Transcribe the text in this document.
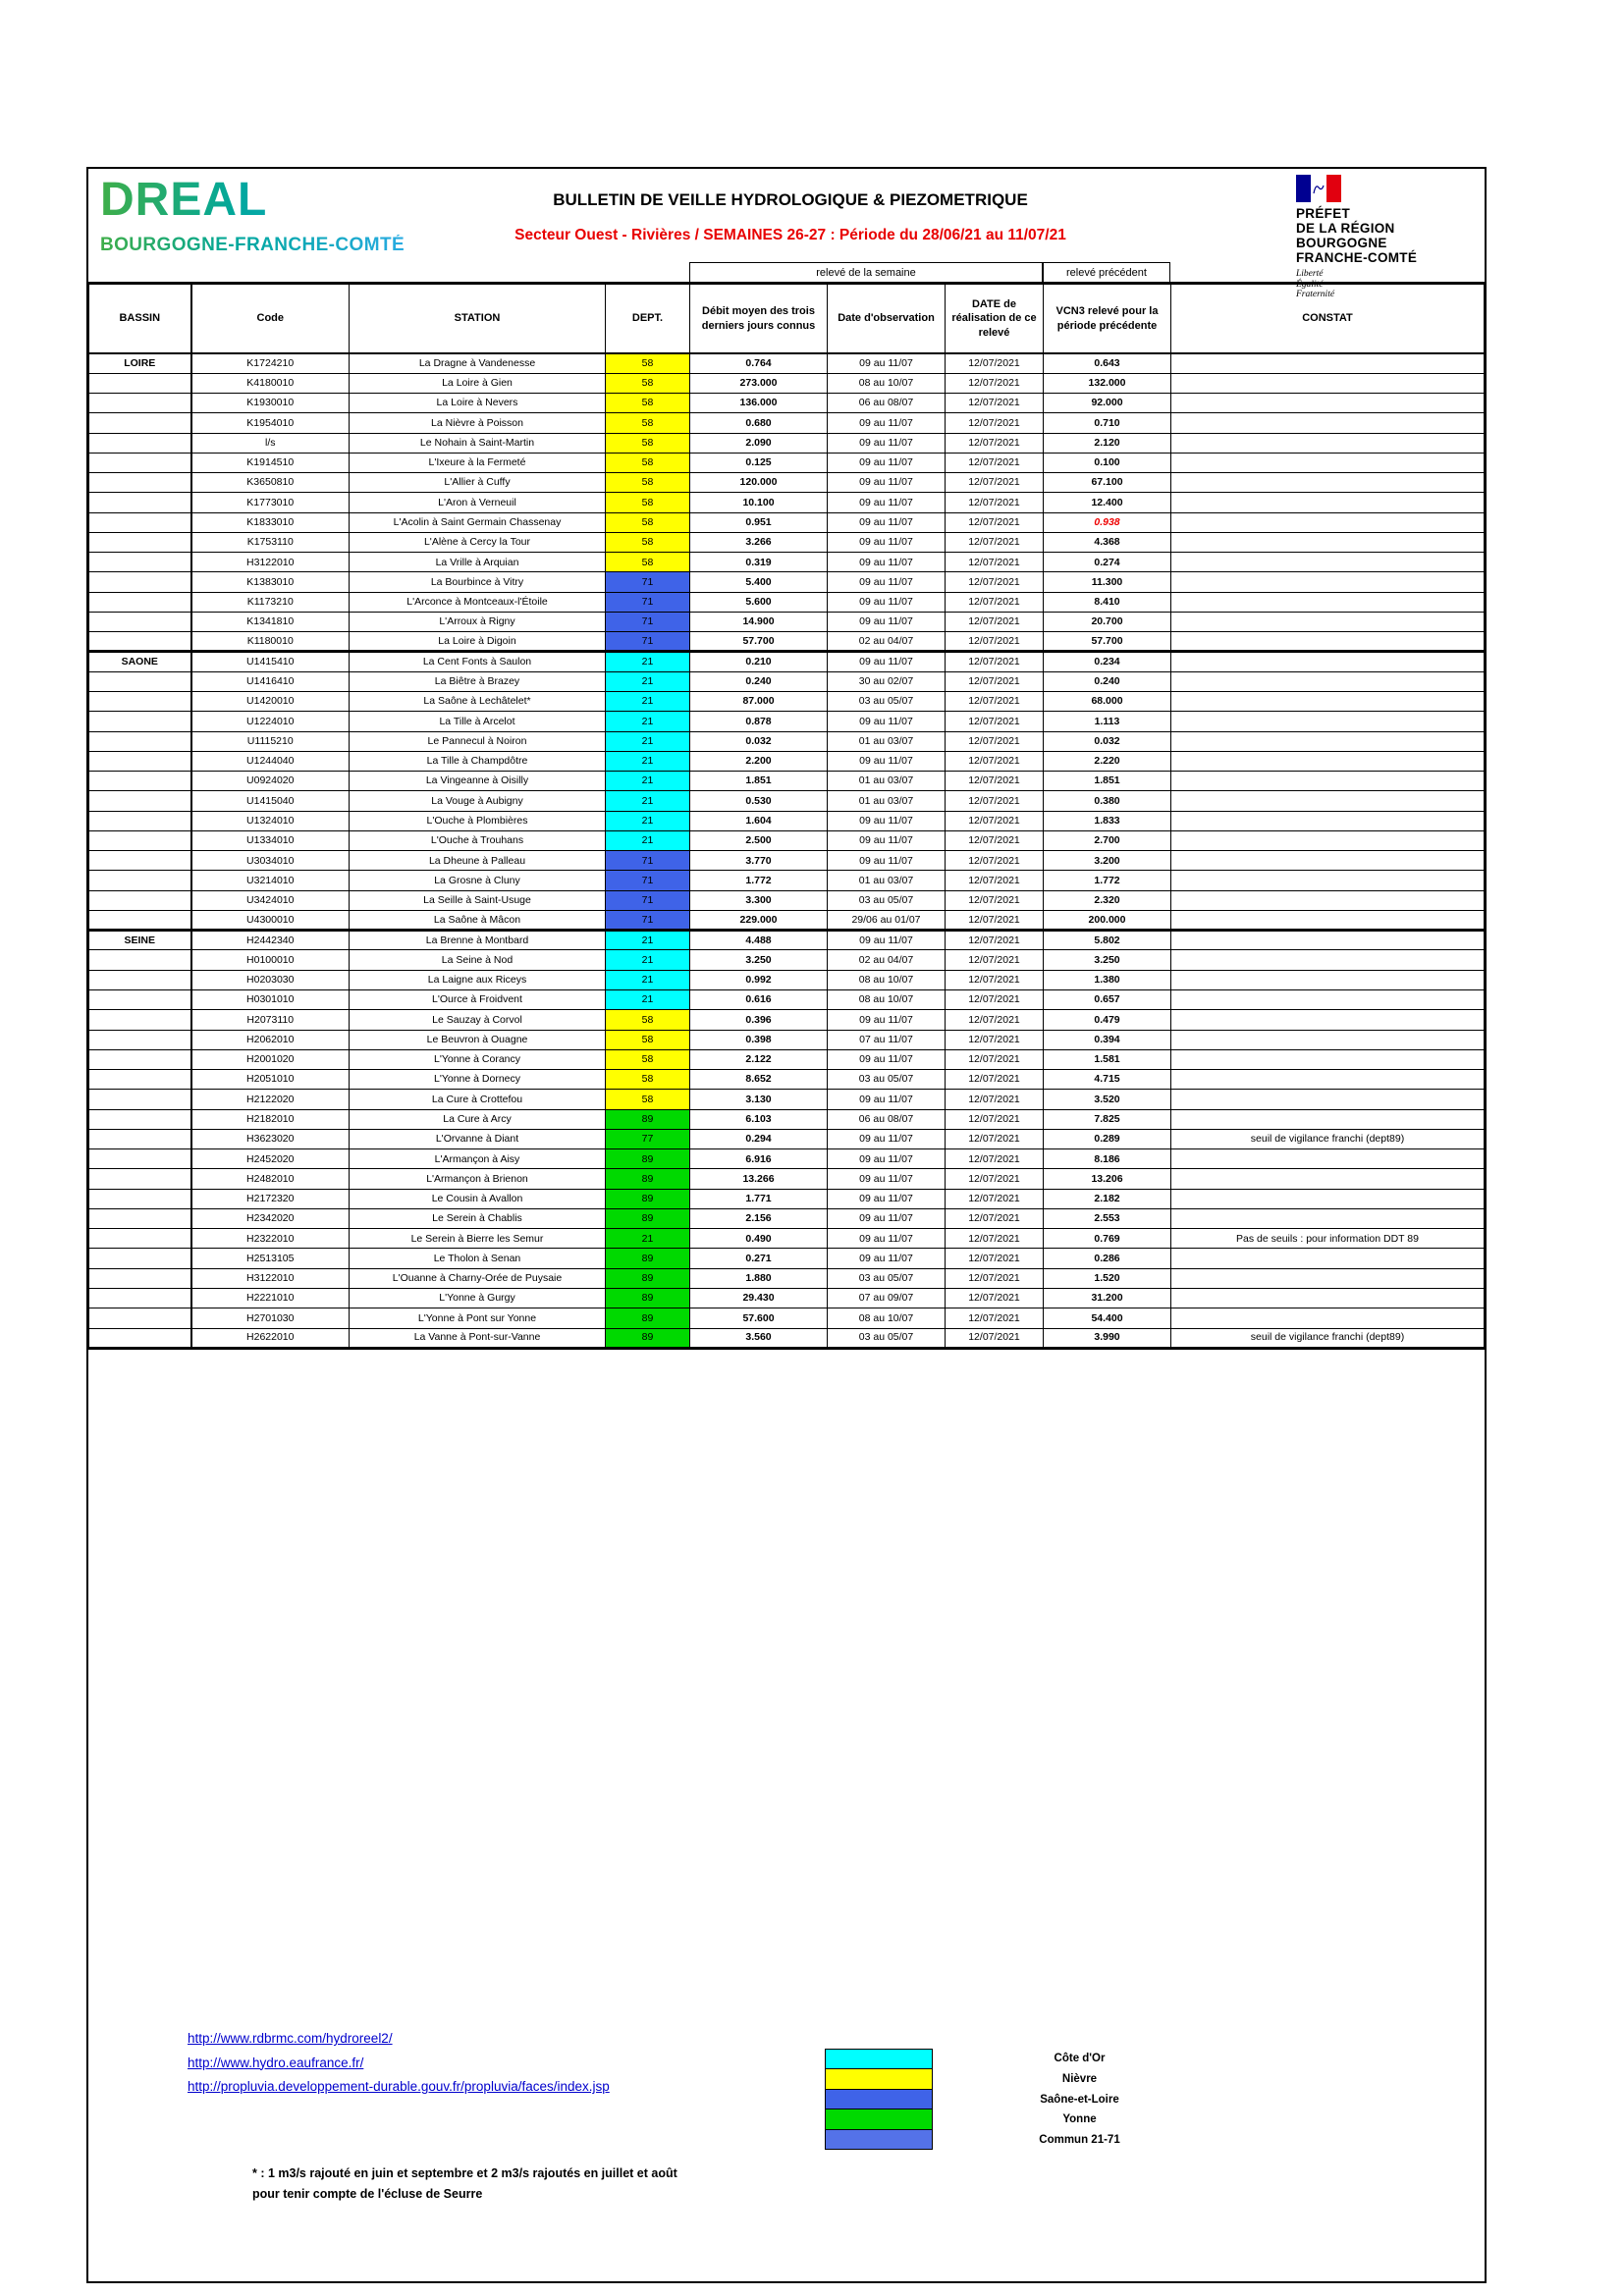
DREAL
BOURGOGNE-FRANCHE-COMTÉ
BULLETIN DE VEILLE HYDROLOGIQUE & PIEZOMETRIQUE
Secteur Ouest - Rivières / SEMAINES 26-27 : Période du 28/06/21 au 11/07/21
PRÉFET
DE LA RÉGION
BOURGOGNE
FRANCHE-COMTÉ
Liberté
Égalité
Fraternité
relevé de la semaine	relevé précédent
BASSIN	Code	STATION	DEPT.	Débit moyen des trois derniers jours connus	Date d'observation	DATE de réalisation de ce relevé	VCN3 relevé pour la période précédente	CONSTAT
LOIRE	K1724210	La Dragne à Vandenesse	58	0.764	09 au 11/07	12/07/2021	0.643	
	K4180010	La Loire à Gien	58	273.000	08 au 10/07	12/07/2021	132.000	
	K1930010	La Loire à Nevers	58	136.000	06 au 08/07	12/07/2021	92.000	
	K1954010	La Nièvre à Poisson	58	0.680	09 au 11/07	12/07/2021	0.710	
	l/s	Le Nohain à Saint-Martin	58	2.090	09 au 11/07	12/07/2021	2.120	
	K1914510	L'Ixeure à la Fermeté	58	0.125	09 au 11/07	12/07/2021	0.100	
	K3650810	L'Allier à Cuffy	58	120.000	09 au 11/07	12/07/2021	67.100	
	K1773010	L'Aron à Verneuil	58	10.100	09 au 11/07	12/07/2021	12.400	
	K1833010	L'Acolin à Saint Germain Chassenay	58	0.951	09 au 11/07	12/07/2021	0.938	
	K1753110	L'Alène à Cercy la Tour	58	3.266	09 au 11/07	12/07/2021	4.368	
	H3122010	La Vrille à Arquian	58	0.319	09 au 11/07	12/07/2021	0.274	
	K1383010	La Bourbince à Vitry	71	5.400	09 au 11/07	12/07/2021	11.300	
	K1173210	L'Arconce à Montceaux-l'Étoile	71	5.600	09 au 11/07	12/07/2021	8.410	
	K1341810	L'Arroux à Rigny	71	14.900	09 au 11/07	12/07/2021	20.700	
	K1180010	La Loire à Digoin	71	57.700	02 au 04/07	12/07/2021	57.700	
SAONE	U1415410	La Cent Fonts à Saulon	21	0.210	09 au 11/07	12/07/2021	0.234	
	U1416410	La Biêtre à Brazey	21	0.240	30 au 02/07	12/07/2021	0.240	
	U1420010	La Saône à Lechâtelet*	21	87.000	03 au 05/07	12/07/2021	68.000	
	U1224010	La Tille à Arcelot	21	0.878	09 au 11/07	12/07/2021	1.113	
	U1115210	Le Pannecul à Noiron	21	0.032	01 au 03/07	12/07/2021	0.032	
	U1244040	La Tille à Champdôtre	21	2.200	09 au 11/07	12/07/2021	2.220	
	U0924020	La Vingeanne à Oisilly	21	1.851	01 au 03/07	12/07/2021	1.851	
	U1415040	La Vouge à Aubigny	21	0.530	01 au 03/07	12/07/2021	0.380	
	U1324010	L'Ouche à Plombières	21	1.604	09 au 11/07	12/07/2021	1.833	
	U1334010	L'Ouche à Trouhans	21	2.500	09 au 11/07	12/07/2021	2.700	
	U3034010	La Dheune à Palleau	71	3.770	09 au 11/07	12/07/2021	3.200	
	U3214010	La Grosne à Cluny	71	1.772	01 au 03/07	12/07/2021	1.772	
	U3424010	La Seille à Saint-Usuge	71	3.300	03 au 05/07	12/07/2021	2.320	
	U4300010	La Saône à Mâcon	71	229.000	29/06 au 01/07	12/07/2021	200.000	
SEINE	H2442340	La Brenne à Montbard	21	4.488	09 au 11/07	12/07/2021	5.802	
	H0100010	La Seine à Nod	21	3.250	02 au 04/07	12/07/2021	3.250	
	H0203030	La Laigne aux Riceys	21	0.992	08 au 10/07	12/07/2021	1.380	
	H0301010	L'Ource à Froidvent	21	0.616	08 au 10/07	12/07/2021	0.657	
	H2073110	Le Sauzay à Corvol	58	0.396	09 au 11/07	12/07/2021	0.479	
	H2062010	Le Beuvron à Ouagne	58	0.398	07 au 11/07	12/07/2021	0.394	
	H2001020	L'Yonne à Corancy	58	2.122	09 au 11/07	12/07/2021	1.581	
	H2051010	L'Yonne à Dornecy	58	8.652	03 au 05/07	12/07/2021	4.715	
	H2122020	La Cure à Crottefou	58	3.130	09 au 11/07	12/07/2021	3.520	
	H2182010	La Cure à Arcy	89	6.103	06 au 08/07	12/07/2021	7.825	
	H3623020	L'Orvanne à Diant	77	0.294	09 au 11/07	12/07/2021	0.289	seuil de vigilance franchi (dept89)
	H2452020	L'Armançon à Aisy	89	6.916	09 au 11/07	12/07/2021	8.186	
	H2482010	L'Armançon à Brienon	89	13.266	09 au 11/07	12/07/2021	13.206	
	H2172320	Le Cousin à Avallon	89	1.771	09 au 11/07	12/07/2021	2.182	
	H2342020	Le Serein à Chablis	89	2.156	09 au 11/07	12/07/2021	2.553	
	H2322010	Le Serein à Bierre les Semur	21	0.490	09 au 11/07	12/07/2021	0.769	Pas de seuils : pour information DDT 89
	H2513105	Le Tholon à Senan	89	0.271	09 au 11/07	12/07/2021	0.286	
	H3122010	L'Ouanne à Charny-Orée de Puysaie	89	1.880	03 au 05/07	12/07/2021	1.520	
	H2221010	L'Yonne à Gurgy	89	29.430	07 au 09/07	12/07/2021	31.200	
	H2701030	L'Yonne à Pont sur Yonne	89	57.600	08 au 10/07	12/07/2021	54.400	
	H2622010	La Vanne à Pont-sur-Vanne	89	3.560	03 au 05/07	12/07/2021	3.990	seuil de vigilance franchi (dept89)
http://www.rdbrmc.com/hydroreel2/
http://www.hydro.eaufrance.fr/
http://propluvia.developpement-durable.gouv.fr/propluvia/faces/index.jsp
Côte d'Or
Nièvre
Saône-et-Loire
Yonne
Commun 21-71
* : 1 m3/s rajouté en juin et septembre et 2 m3/s rajoutés en juillet et août
pour tenir compte de l'écluse de Seurre
